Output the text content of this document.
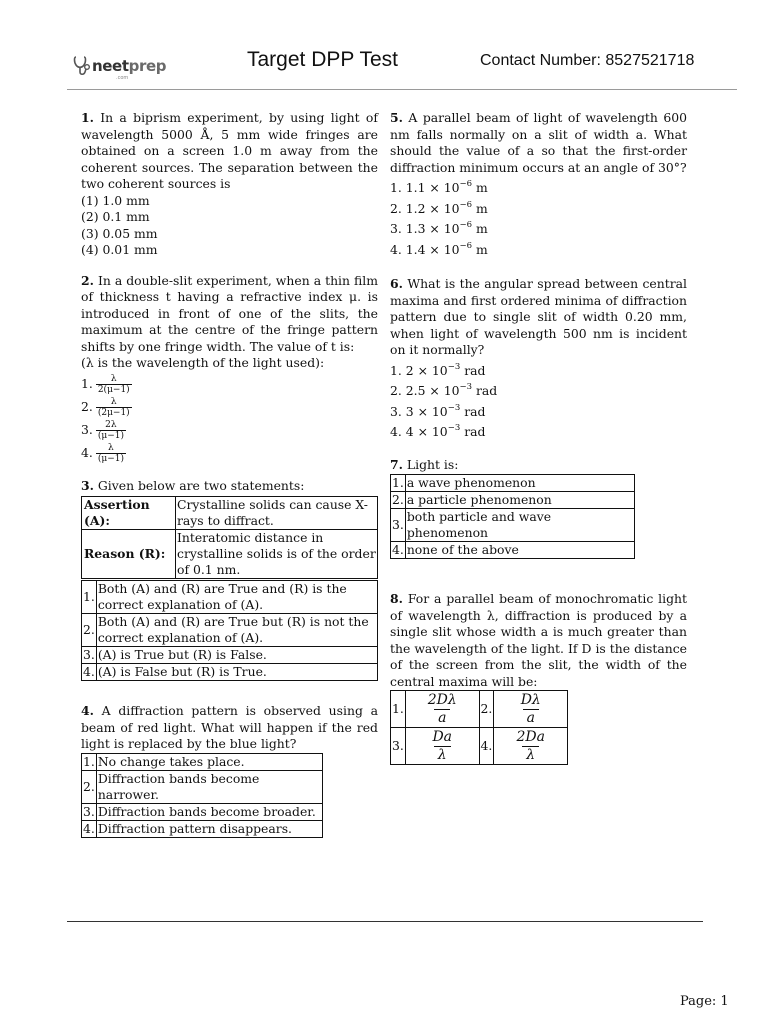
neetprep
.com
Target DPP Test	Contact Number: 8527521718

1. In a biprism experiment, by using light of wavelength 5000 Å, 5 mm wide fringes are obtained on a screen 1.0 m away from the coherent sources. The separation between the two coherent sources is

(1) 1.0 mm

(2) 0.1 mm

(3) 0.05 mm

(4) 0.01 mm

2. In a double-slit experiment, when a thin film of thickness t having a refractive index μ. is introduced in front of one of the slits, the maximum at the centre of the fringe pattern shifts by one fringe width. The value of t is:

(λ is the wavelength of the light used):

1. $\frac{\lambda}{2(\mu-1)}$

2. $\frac{\lambda}{(2\mu-1)}$

3. $\frac{2\lambda}{(\mu-1)}$

4. $\frac{\lambda}{(\mu-1)}$

3. Given below are two statements:

Assertion (A):	Crystalline solids can cause X-rays to diffract.
Reason (R):	Interatomic distance in crystalline solids is of the order of 0.1 nm.
1.	Both (A) and (R) are True and (R) is the correct explanation of (A).
2.	Both (A) and (R) are True but (R) is not the correct explanation of (A).
3.	(A) is True but (R) is False.
4.	(A) is False but (R) is True.

4. A diffraction pattern is observed using a beam of red light. What will happen if the red light is replaced by the blue light?

1.	No change takes place.
2.	Diffraction bands become narrower.
3.	Diffraction bands become broader.
4.	Diffraction pattern disappears.

5. A parallel beam of light of wavelength 600 nm falls normally on a slit of width a. What should the value of a so that the first-order diffraction minimum occurs at an angle of 30°?

1. $1.1 \times 10^{-6}$ m

2. $1.2 \times 10^{-6}$ m

3. $1.3 \times 10^{-6}$ m

4. $1.4 \times 10^{-6}$ m

6. What is the angular spread between central maxima and first ordered minima of diffraction pattern due to single slit of width 0.20 mm, when light of wavelength 500 nm is incident on it normally?

1. $2 \times 10^{-3}$ rad

2. $2.5 \times 10^{-3}$ rad

3. $3 \times 10^{-3}$ rad

4. $4 \times 10^{-3}$ rad

7. Light is:

1.	a wave phenomenon
2.	a particle phenomenon
3.	both particle and wave phenomenon
4.	none of the above

8. For a parallel beam of monochromatic light of wavelength λ, diffraction is produced by a single slit whose width a is much greater than the wavelength of the light. If D is the distance of the screen from the slit, the width of the central maxima will be:

1.	$\frac{2D\lambda}{a}$	2.	$\frac{D\lambda}{a}$

3.	$\frac{Da}{\lambda}$	4.	$\frac{2Da}{\lambda}$
Page: 1
